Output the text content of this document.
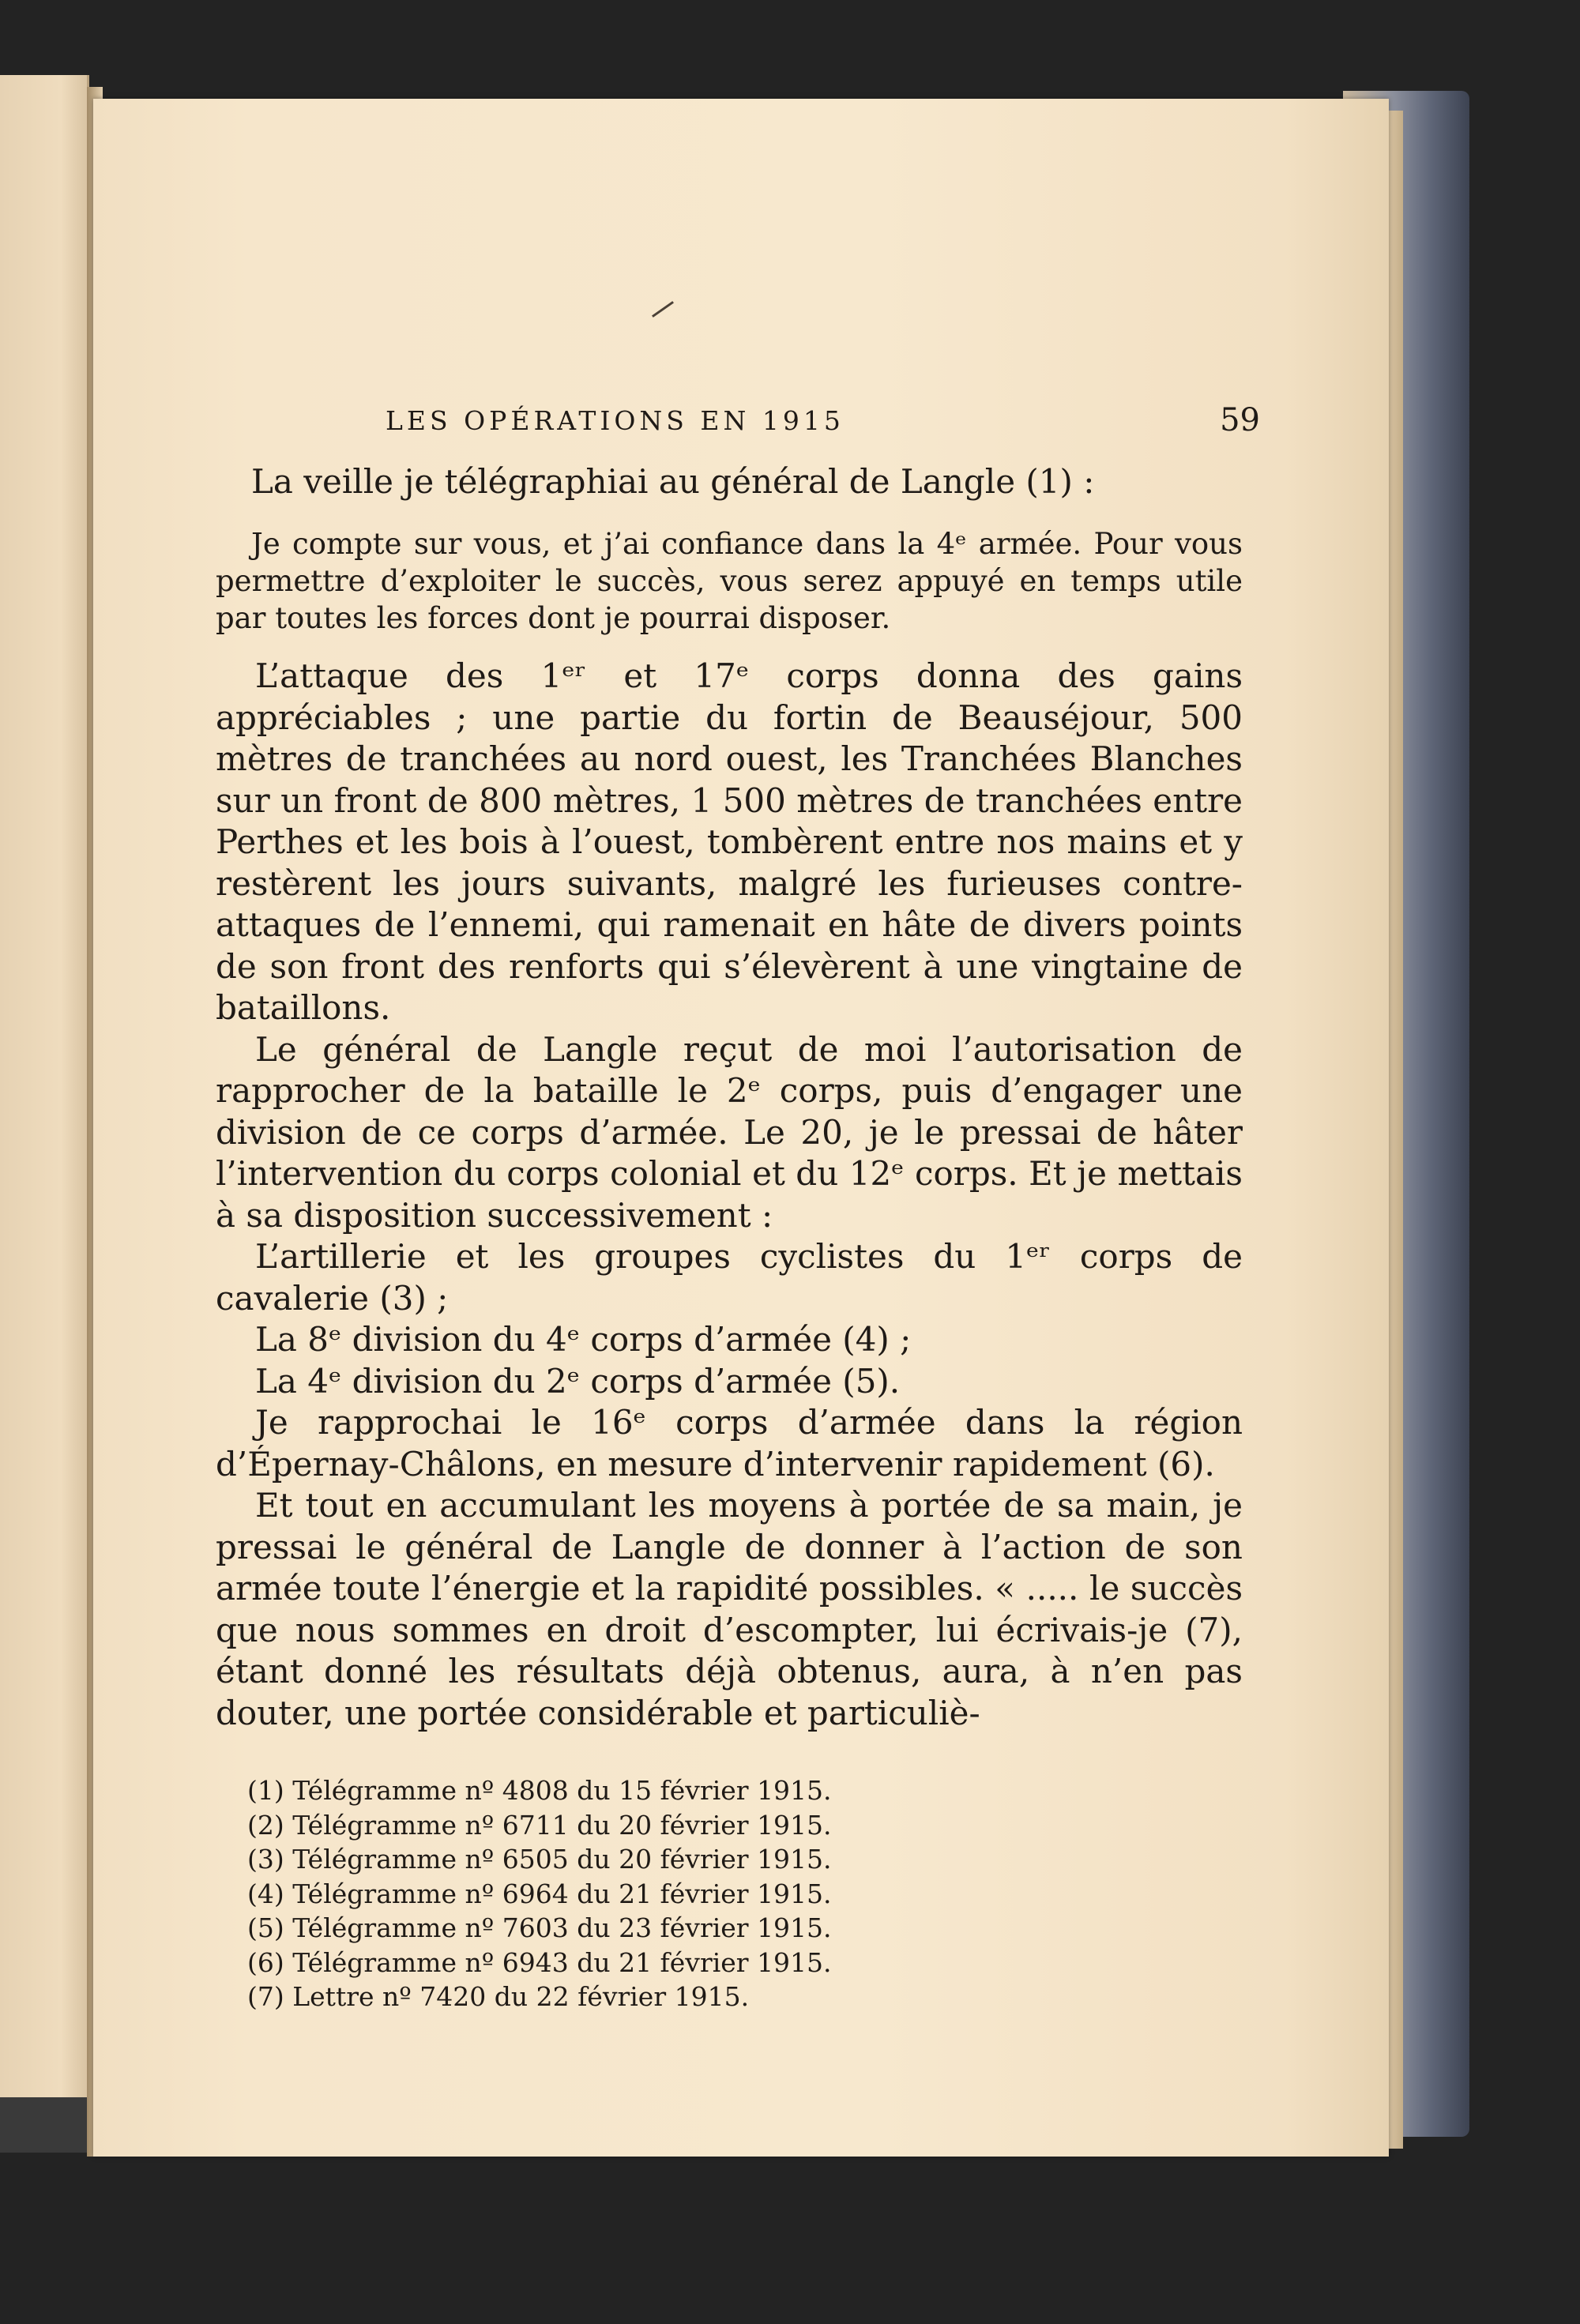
LES OPÉRATIONS EN 1915	59

La veille je télégraphiai au général de Langle (1) :

Je compte sur vous, et j’ai confiance dans la 4ᵉ armée. Pour vous permettre d’exploiter le succès, vous serez appuyé en temps utile par toutes les forces dont je pourrai disposer.

L’attaque des 1ᵉʳ et 17ᵉ corps donna des gains appréciables ; une partie du fortin de Beauséjour, 500 mètres de tranchées au nord ouest, les Tranchées Blanches sur un front de 800 mètres, 1 500 mètres de tranchées entre Perthes et les bois à l’ouest, tombèrent entre nos mains et y restèrent les jours suivants, malgré les furieuses contre-attaques de l’ennemi, qui ramenait en hâte de divers points de son front des renforts qui s’élevèrent à une vingtaine de bataillons.

Le général de Langle reçut de moi l’autorisation de rapprocher de la bataille le 2ᵉ corps, puis d’engager une division de ce corps d’armée. Le 20, je le pressai de hâter l’intervention du corps colonial et du 12ᵉ corps. Et je mettais à sa disposition successivement :

L’artillerie et les groupes cyclistes du 1ᵉʳ corps de cavalerie (3) ;

La 8ᵉ division du 4ᵉ corps d’armée (4) ;

La 4ᵉ division du 2ᵉ corps d’armée (5).

Je rapprochai le 16ᵉ corps d’armée dans la région d’Épernay-Châlons, en mesure d’intervenir rapidement (6).

Et tout en accumulant les moyens à portée de sa main, je pressai le général de Langle de donner à l’action de son armée toute l’énergie et la rapidité possibles. « ..... le succès que nous sommes en droit d’escompter, lui écrivais-je (7), étant donné les résultats déjà obtenus, aura, à n’en pas douter, une portée considérable et particuliè-

(1) Télégramme nº 4808 du 15 février 1915.

(2) Télégramme nº 6711 du 20 février 1915.

(3) Télégramme nº 6505 du 20 février 1915.

(4) Télégramme nº 6964 du 21 février 1915.

(5) Télégramme nº 7603 du 23 février 1915.

(6) Télégramme nº 6943 du 21 février 1915.

(7) Lettre nº 7420 du 22 février 1915.
